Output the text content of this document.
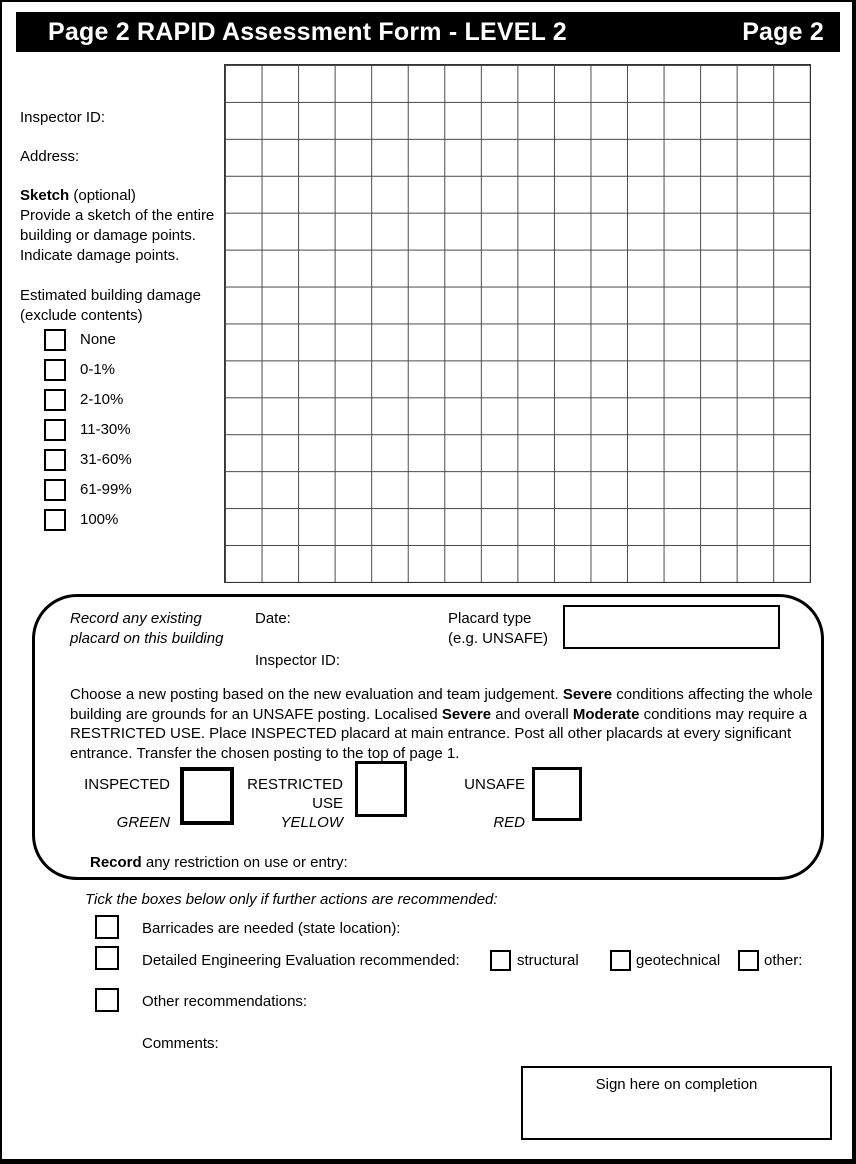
Page 2 RAPID Assessment Form - LEVEL 2	Page 2
Inspector ID:
Address:
Sketch (optional)
Provide a sketch of the entire
building or damage points.
Indicate damage points.
Estimated building damage
(exclude contents)
None
0-1%
2-10%
11-30%
31-60%
61-99%
100%
Record any existing
placard on this building
Date:
Inspector ID:
Placard type
(e.g. UNSAFE)
Choose a new posting based on the new evaluation and team judgement. Severe conditions affecting the whole building are grounds for an UNSAFE posting. Localised Severe and overall Moderate conditions may require a RESTRICTED USE. Place INSPECTED placard at main entrance. Post all other placards at every significant entrance. Transfer the chosen posting to the top of page 1.
INSPECTED
GREEN
RESTRICTED
USE
YELLOW
UNSAFE
RED
Record any restriction on use or entry:
Tick the boxes below only if further actions are recommended:
Barricades are needed (state location):
Detailed Engineering Evaluation recommended:	structural	geotechnical	other:
Other recommendations:
Comments:
Sign here on completion
